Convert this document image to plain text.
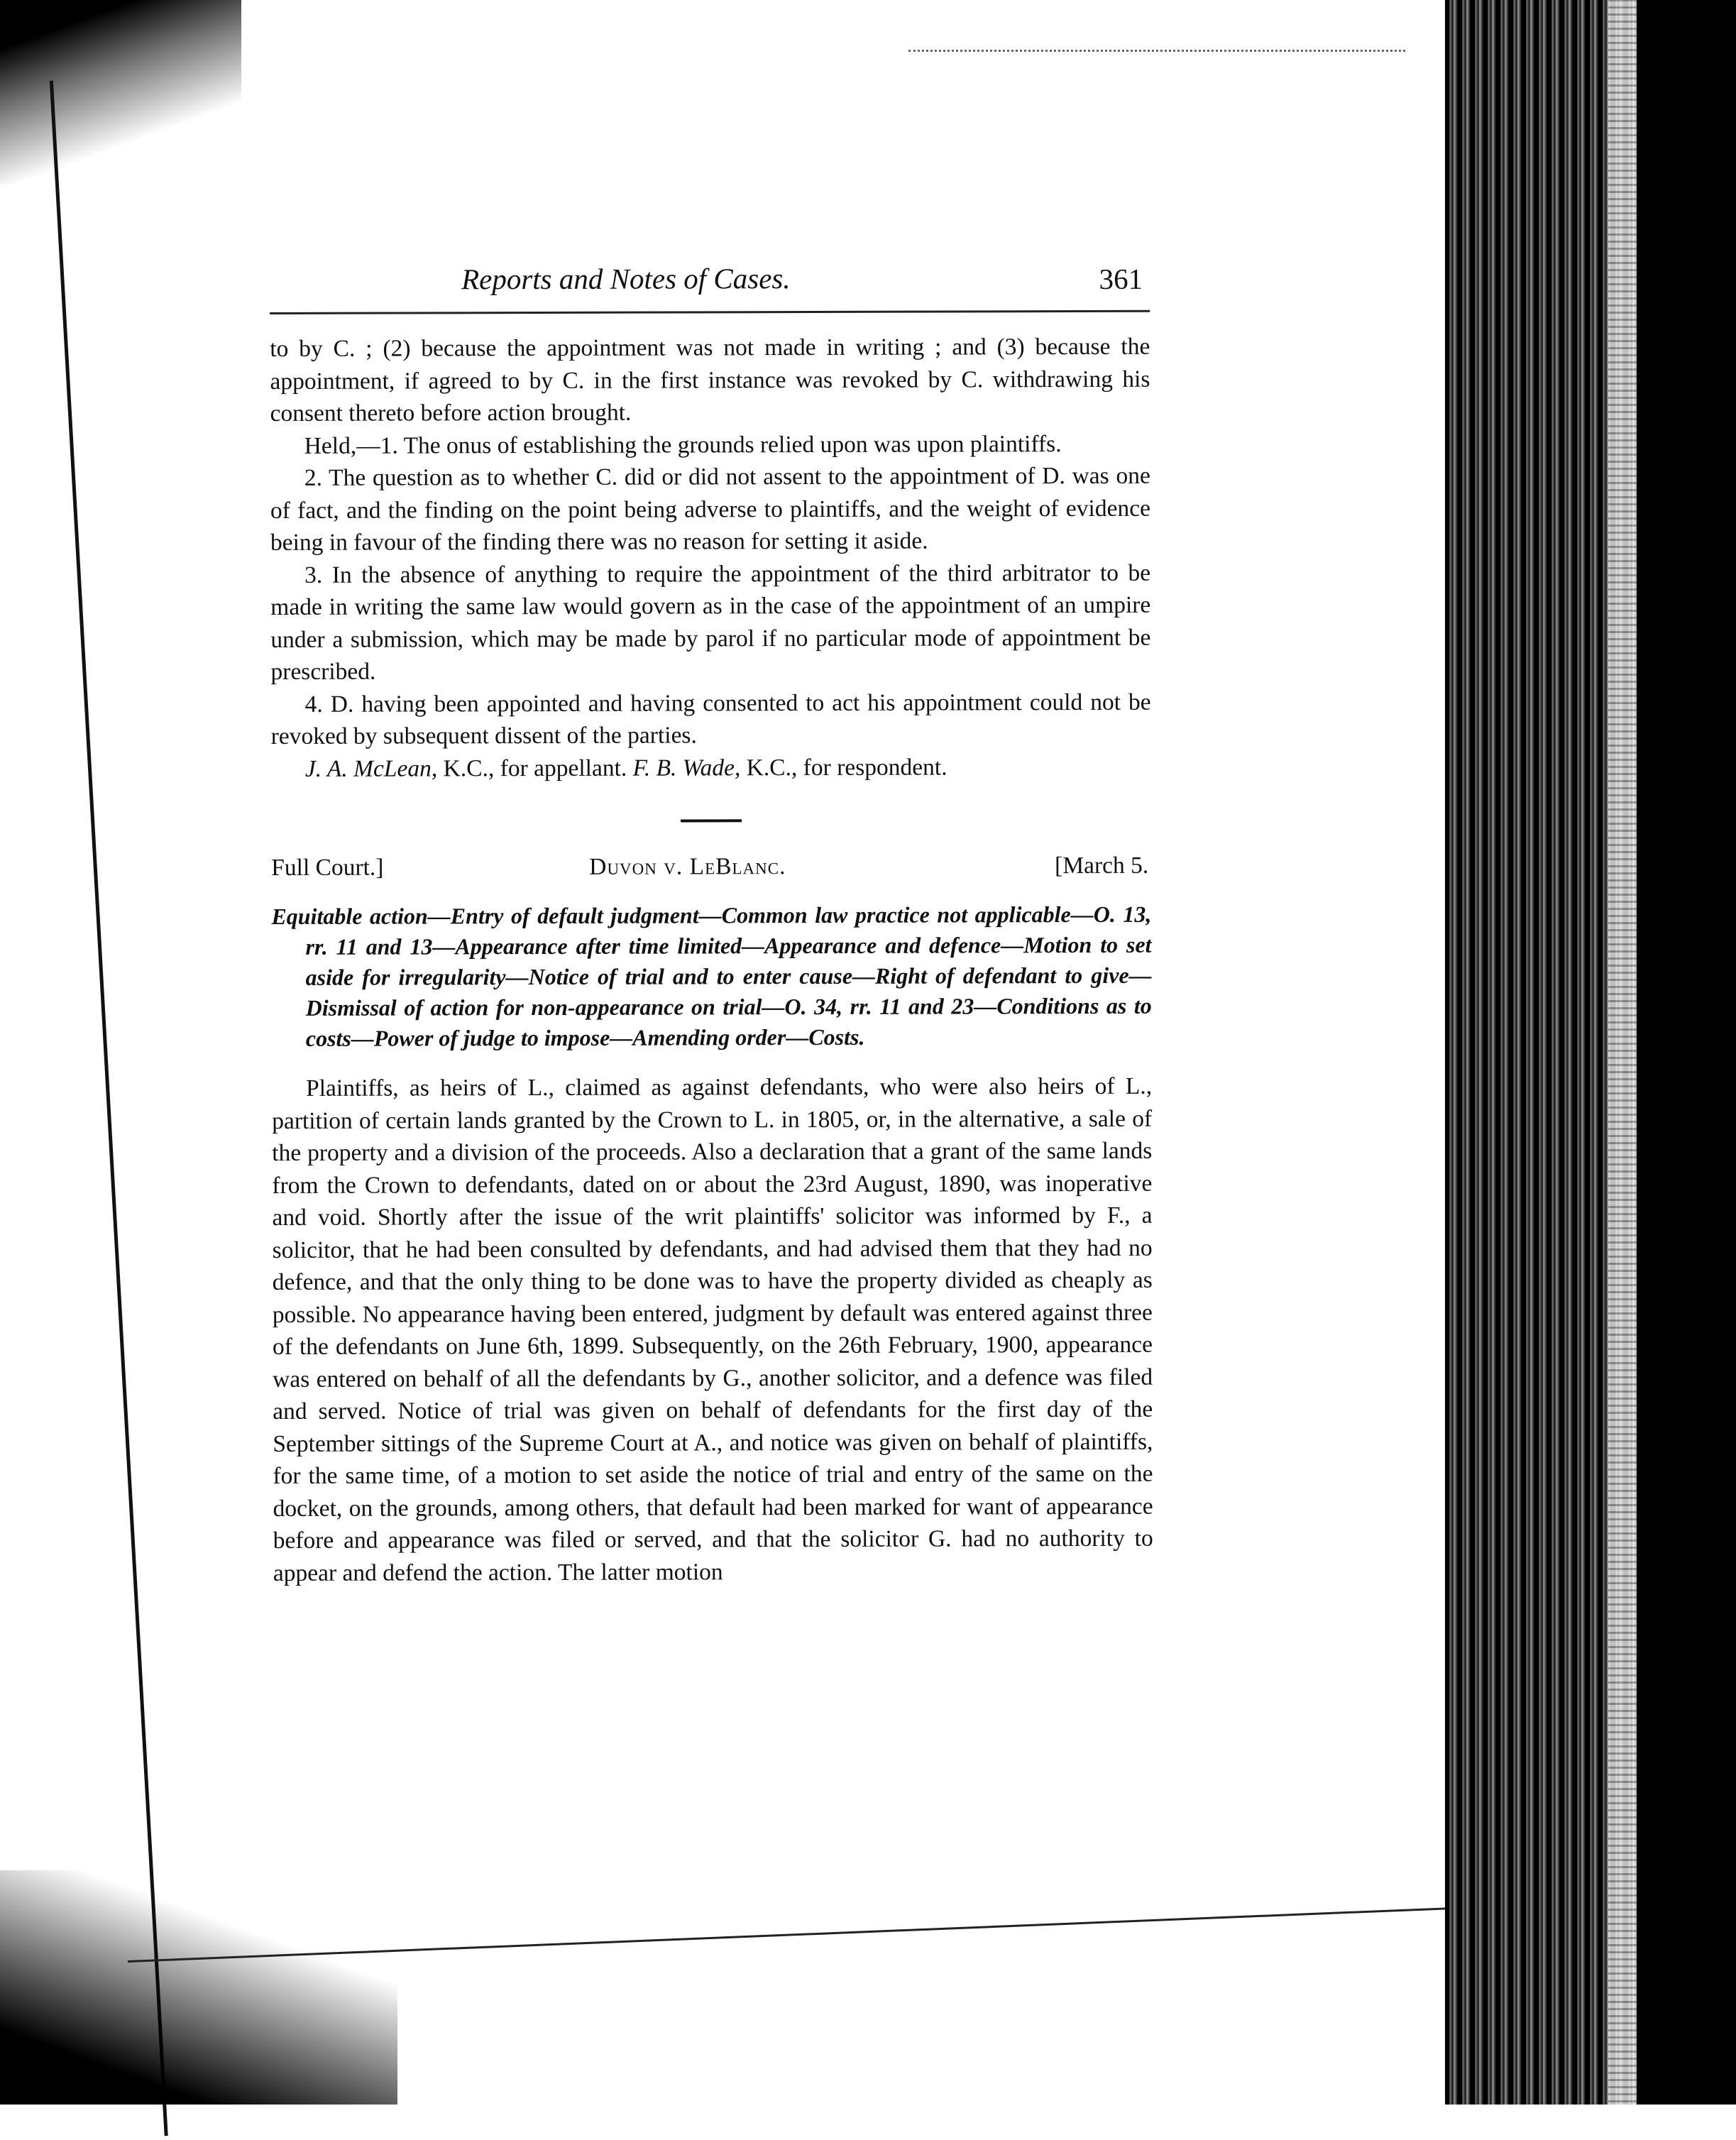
Reports and Notes of Cases.	361

to by C. ; (2) because the appointment was not made in writing ; and (3) because the appointment, if agreed to by C. in the first instance was revoked by C. withdrawing his consent thereto before action brought.

Held,—1. The onus of establishing the grounds relied upon was upon plaintiffs.

2. The question as to whether C. did or did not assent to the appointment of D. was one of fact, and the finding on the point being adverse to plaintiffs, and the weight of evidence being in favour of the finding there was no reason for setting it aside.

3. In the absence of anything to require the appointment of the third arbitrator to be made in writing the same law would govern as in the case of the appointment of an umpire under a submission, which may be made by parol if no particular mode of appointment be prescribed.

4. D. having been appointed and having consented to act his appointment could not be revoked by subsequent dissent of the parties.

J. A. McLean, K.C., for appellant. F. B. Wade, K.C., for respondent.
Full Court.]	Duvon v. LeBlanc.	[March 5.
Equitable action—Entry of default judgment—Common law practice not applicable—O. 13, rr. 11 and 13—Appearance after time limited—Appearance and defence—Motion to set aside for irregularity—Notice of trial and to enter cause—Right of defendant to give—Dismissal of action for non-appearance on trial—O. 34, rr. 11 and 23—Conditions as to costs—Power of judge to impose—Amending order—Costs.

Plaintiffs, as heirs of L., claimed as against defendants, who were also heirs of L., partition of certain lands granted by the Crown to L. in 1805, or, in the alternative, a sale of the property and a division of the proceeds. Also a declaration that a grant of the same lands from the Crown to defendants, dated on or about the 23rd August, 1890, was inoperative and void. Shortly after the issue of the writ plaintiffs' solicitor was informed by F., a solicitor, that he had been consulted by defendants, and had advised them that they had no defence, and that the only thing to be done was to have the property divided as cheaply as possible. No appearance having been entered, judgment by default was entered against three of the defendants on June 6th, 1899. Subsequently, on the 26th February, 1900, appearance was entered on behalf of all the defendants by G., another solicitor, and a defence was filed and served. Notice of trial was given on behalf of defendants for the first day of the September sittings of the Supreme Court at A., and notice was given on behalf of plaintiffs, for the same time, of a motion to set aside the notice of trial and entry of the same on the docket, on the grounds, among others, that default had been marked for want of appearance before and appearance was filed or served, and that the solicitor G. had no authority to appear and defend the action. The latter motion
